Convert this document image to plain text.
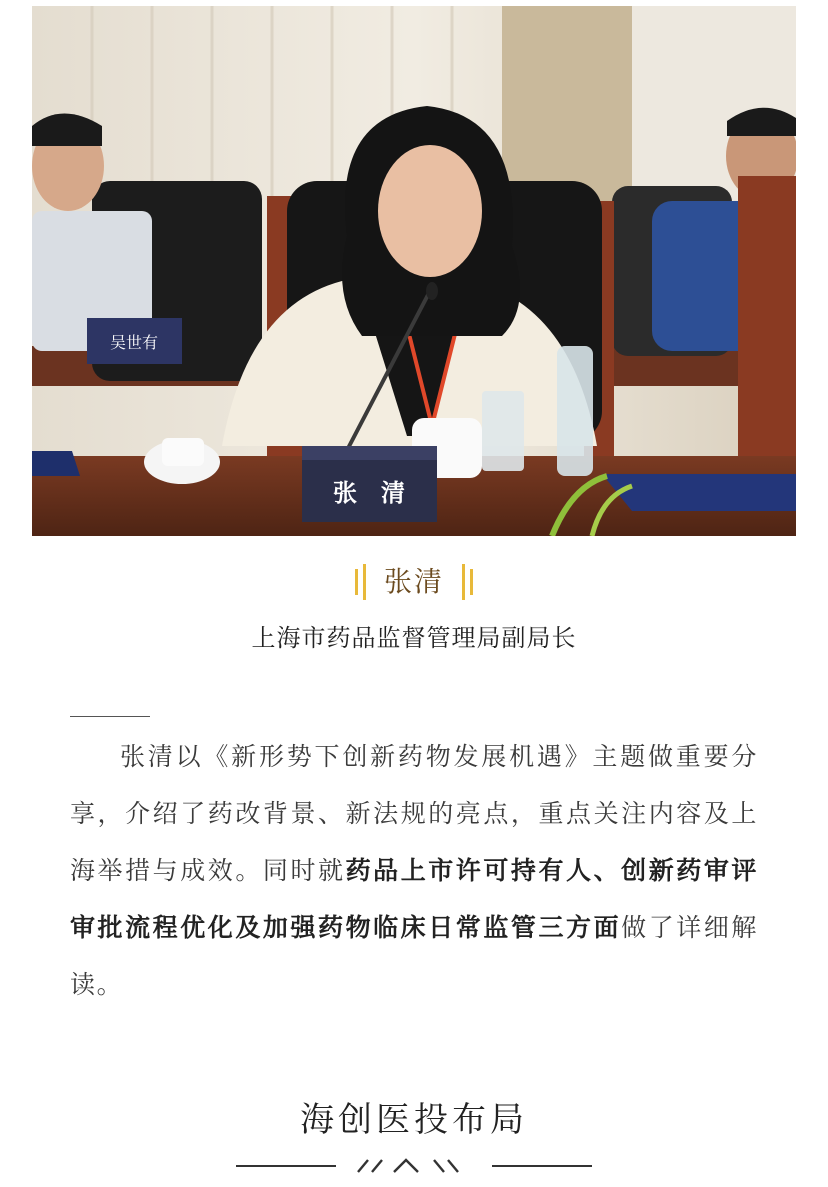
吴世有
张　清
张清
上海市药品监督管理局副局长

张清以《新形势下创新药物发展机遇》主题做重要分享，介绍了药改背景、新法规的亮点，重点关注内容及上海举措与成效。同时就药品上市许可持有人、创新药审评审批流程优化及加强药物临床日常监管三方面做了详细解读。

海创医投布局
